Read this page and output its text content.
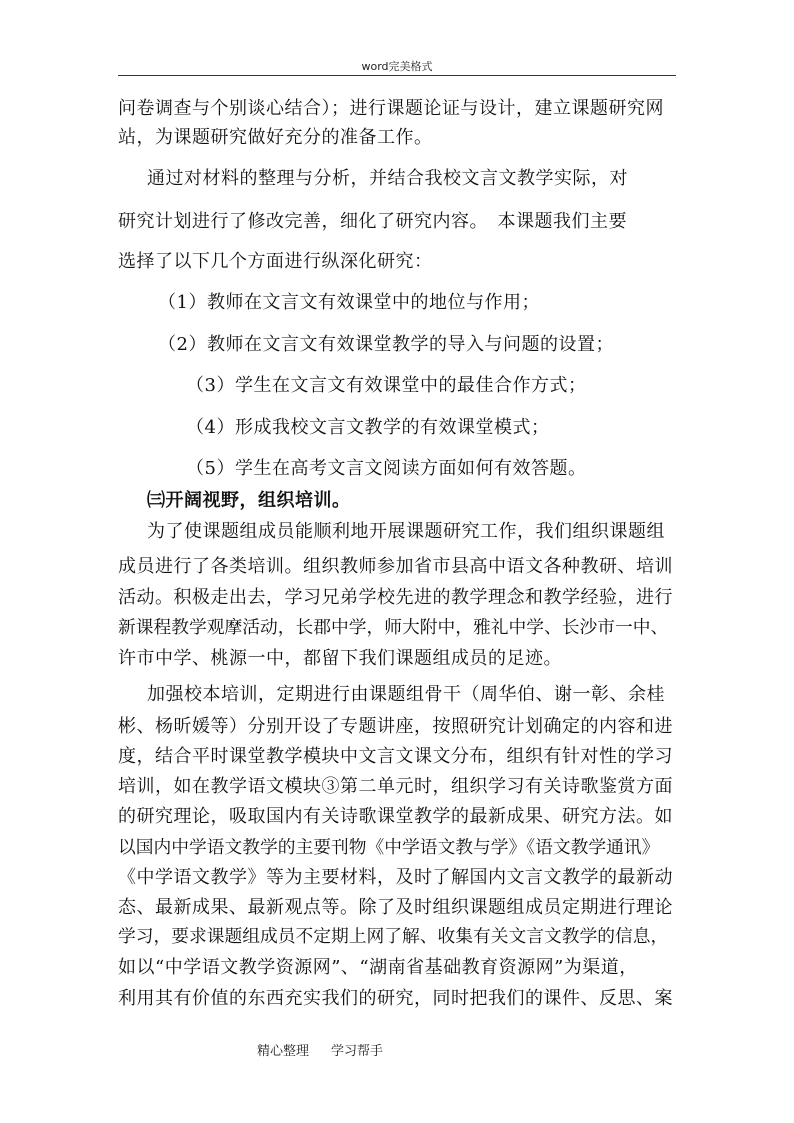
word完美格式
问卷调查与个别谈心结合）；进行课题论证与设计，建立课题研究网
站，为课题研究做好充分的准备工作。
通过对材料的整理与分析，并结合我校文言文教学实际，对
研究计划进行了修改完善，细化了研究内容。　本课题我们主要
选择了以下几个方面进行纵深化研究：
（1）教师在文言文有效课堂中的地位与作用；
（2）教师在文言文有效课堂教学的导入与问题的设置；
（3）学生在文言文有效课堂中的最佳合作方式；
（4）形成我校文言文教学的有效课堂模式；
（5）学生在高考文言文阅读方面如何有效答题。
㈢开阔视野，组织培训。
为了使课题组成员能顺利地开展课题研究工作，我们组织课题组
成员进行了各类培训。组织教师参加省市县高中语文各种教研、培训
活动。积极走出去，学习兄弟学校先进的教学理念和教学经验，进行
新课程教学观摩活动，长郡中学，师大附中，雅礼中学、长沙市一中、
许市中学、桃源一中，都留下我们课题组成员的足迹。
加强校本培训，定期进行由课题组骨干（周华伯、谢一彰、余桂
彬、杨昕媛等）分别开设了专题讲座，按照研究计划确定的内容和进
度，结合平时课堂教学模块中文言文课文分布，组织有针对性的学习
培训，如在教学语文模块③第二单元时，组织学习有关诗歌鉴赏方面
的研究理论，吸取国内有关诗歌课堂教学的最新成果、研究方法。如
以国内中学语文教学的主要刊物《中学语文教与学》《语文教学通讯》
《中学语文教学》等为主要材料，及时了解国内文言文教学的最新动
态、最新成果、最新观点等。除了及时组织课题组成员定期进行理论
学习，要求课题组成员不定期上网了解、收集有关文言文教学的信息，
如以“中学语文教学资源网”、“湖南省基础教育资源网”为渠道，
利用其有价值的东西充实我们的研究，同时把我们的课件、反思、案
精心整理 学习帮手
